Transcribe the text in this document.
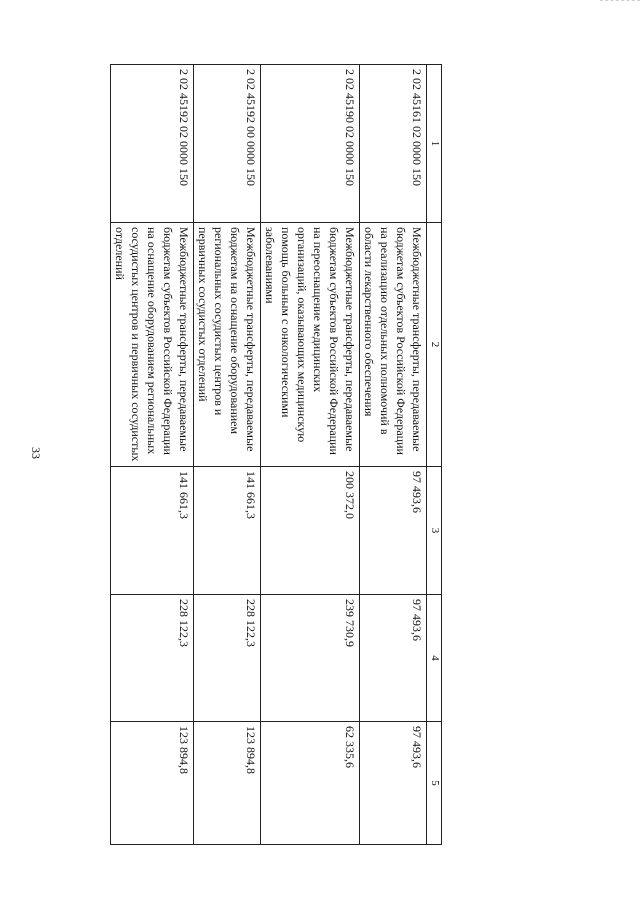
33
1	2	3	4	5
2 02 45161 02 0000 150	Межбюджетные трансферты, передаваемые бюджетам субъектов Российской Федерации на реализацию отдельных полномочий в области лекарственного обеспечения	97 493,6	97 493,6	97 493,6
2 02 45190 02 0000 150	Межбюджетные трансферты, передаваемые бюджетам субъектов Российской Федерации на переоснащение медицинских организаций, оказывающих медицинскую помощь больным с онкологическими заболеваниями	200 372,0	239 730,9	62 335,6
2 02 45192 00 0000 150	Межбюджетные трансферты, передаваемые бюджетам на оснащение оборудованием региональных сосудистых центров и первичных сосудистых отделений	141 661,3	228 122,3	123 894,8
2 02 45192 02 0000 150	Межбюджетные трансферты, передаваемые бюджетам субъектов Российской Федерации на оснащение оборудованием региональных сосудистых центров и первичных сосудистых отделений	141 661,3	228 122,3	123 894,8
